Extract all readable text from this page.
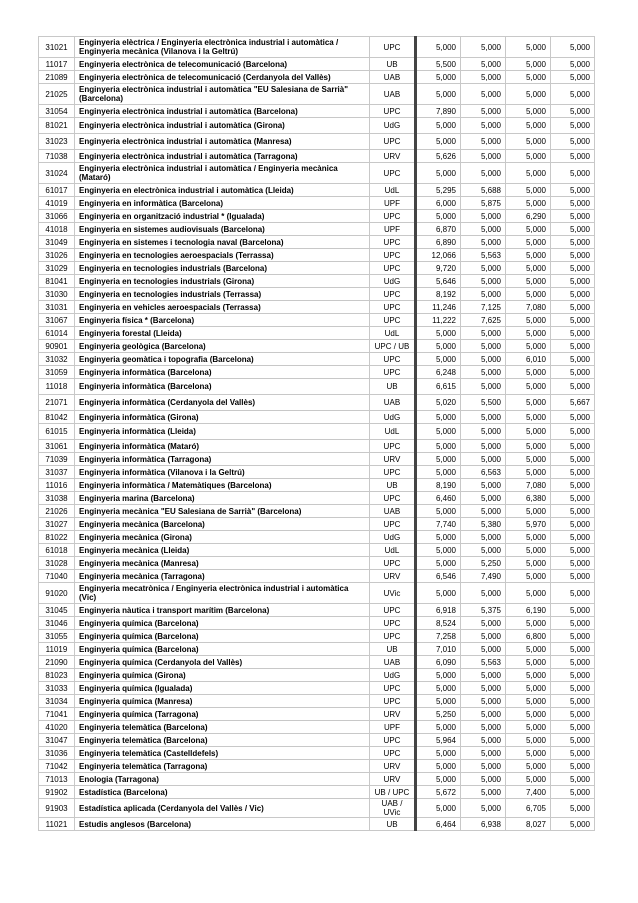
31021	Enginyeria elèctrica / Enginyeria electrònica industrial i automàtica / Enginyeria mecànica (Vilanova i la Geltrú)	UPC	5,000	5,000	5,000	5,000
11017	Enginyeria electrònica de telecomunicació (Barcelona)	UB	5,500	5,000	5,000	5,000
21089	Enginyeria electrònica de telecomunicació (Cerdanyola del Vallès)	UAB	5,000	5,000	5,000	5,000
21025	Enginyeria electrònica industrial i automàtica "EU Salesiana de Sarrià" (Barcelona)	UAB	5,000	5,000	5,000	5,000
31054	Enginyeria electrònica industrial i automàtica (Barcelona)	UPC	7,890	5,000	5,000	5,000
81021	Enginyeria electrònica industrial i automàtica (Girona)	UdG	5,000	5,000	5,000	5,000
31023	Enginyeria electrònica industrial i automàtica (Manresa)	UPC	5,000	5,000	5,000	5,000
71038	Enginyeria electrònica industrial i automàtica (Tarragona)	URV	5,626	5,000	5,000	5,000
31024	Enginyeria electrònica industrial i automàtica / Enginyeria mecànica (Mataró)	UPC	5,000	5,000	5,000	5,000
61017	Enginyeria en electrònica industrial i automàtica (Lleida)	UdL	5,295	5,688	5,000	5,000
41019	Enginyeria en informàtica (Barcelona)	UPF	6,000	5,875	5,000	5,000
31066	Enginyeria en organització industrial * (Igualada)	UPC	5,000	5,000	6,290	5,000
41018	Enginyeria en sistemes audiovisuals (Barcelona)	UPF	6,870	5,000	5,000	5,000
31049	Enginyeria en sistemes i tecnologia naval (Barcelona)	UPC	6,890	5,000	5,000	5,000
31026	Enginyeria en tecnologies aeroespacials (Terrassa)	UPC	12,066	5,563	5,000	5,000
31029	Enginyeria en tecnologies industrials (Barcelona)	UPC	9,720	5,000	5,000	5,000
81041	Enginyeria en tecnologies industrials (Girona)	UdG	5,646	5,000	5,000	5,000
31030	Enginyeria en tecnologies industrials (Terrassa)	UPC	8,192	5,000	5,000	5,000
31031	Enginyeria en vehicles aeroespacials (Terrassa)	UPC	11,246	7,125	7,080	5,000
31067	Enginyeria física * (Barcelona)	UPC	11,222	7,625	5,000	5,000
61014	Enginyeria forestal (Lleida)	UdL	5,000	5,000	5,000	5,000
90901	Enginyeria geològica (Barcelona)	UPC / UB	5,000	5,000	5,000	5,000
31032	Enginyeria geomàtica i topografia (Barcelona)	UPC	5,000	5,000	6,010	5,000
31059	Enginyeria informàtica (Barcelona)	UPC	6,248	5,000	5,000	5,000
11018	Enginyeria informàtica (Barcelona)	UB	6,615	5,000	5,000	5,000
21071	Enginyeria informàtica (Cerdanyola del Vallès)	UAB	5,020	5,500	5,000	5,667
81042	Enginyeria informàtica (Girona)	UdG	5,000	5,000	5,000	5,000
61015	Enginyeria informàtica (Lleida)	UdL	5,000	5,000	5,000	5,000
31061	Enginyeria informàtica (Mataró)	UPC	5,000	5,000	5,000	5,000
71039	Enginyeria informàtica (Tarragona)	URV	5,000	5,000	5,000	5,000
31037	Enginyeria informàtica (Vilanova i la Geltrú)	UPC	5,000	6,563	5,000	5,000
11016	Enginyeria informàtica / Matemàtiques (Barcelona)	UB	8,190	5,000	7,080	5,000
31038	Enginyeria marina (Barcelona)	UPC	6,460	5,000	6,380	5,000
21026	Enginyeria mecànica "EU Salesiana de Sarrià" (Barcelona)	UAB	5,000	5,000	5,000	5,000
31027	Enginyeria mecànica (Barcelona)	UPC	7,740	5,380	5,970	5,000
81022	Enginyeria mecànica (Girona)	UdG	5,000	5,000	5,000	5,000
61018	Enginyeria mecànica (Lleida)	UdL	5,000	5,000	5,000	5,000
31028	Enginyeria mecànica (Manresa)	UPC	5,000	5,250	5,000	5,000
71040	Enginyeria mecànica (Tarragona)	URV	6,546	7,490	5,000	5,000
91020	Enginyeria mecatrònica / Enginyeria electrònica industrial i automàtica (Vic)	UVic	5,000	5,000	5,000	5,000
31045	Enginyeria nàutica i transport marítim (Barcelona)	UPC	6,918	5,375	6,190	5,000
31046	Enginyeria química (Barcelona)	UPC	8,524	5,000	5,000	5,000
31055	Enginyeria química (Barcelona)	UPC	7,258	5,000	6,800	5,000
11019	Enginyeria química (Barcelona)	UB	7,010	5,000	5,000	5,000
21090	Enginyeria química (Cerdanyola del Vallès)	UAB	6,090	5,563	5,000	5,000
81023	Enginyeria química (Girona)	UdG	5,000	5,000	5,000	5,000
31033	Enginyeria química (Igualada)	UPC	5,000	5,000	5,000	5,000
31034	Enginyeria química (Manresa)	UPC	5,000	5,000	5,000	5,000
71041	Enginyeria química (Tarragona)	URV	5,250	5,000	5,000	5,000
41020	Enginyeria telemàtica (Barcelona)	UPF	5,000	5,000	5,000	5,000
31047	Enginyeria telemàtica (Barcelona)	UPC	5,964	5,000	5,000	5,000
31036	Enginyeria telemàtica (Castelldefels)	UPC	5,000	5,000	5,000	5,000
71042	Enginyeria telemàtica (Tarragona)	URV	5,000	5,000	5,000	5,000
71013	Enologia (Tarragona)	URV	5,000	5,000	5,000	5,000
91902	Estadística (Barcelona)	UB / UPC	5,672	5,000	7,400	5,000
91903	Estadística aplicada (Cerdanyola del Vallès / Vic)	UAB / UVic	5,000	5,000	6,705	5,000
11021	Estudis anglesos (Barcelona)	UB	6,464	6,938	8,027	5,000
